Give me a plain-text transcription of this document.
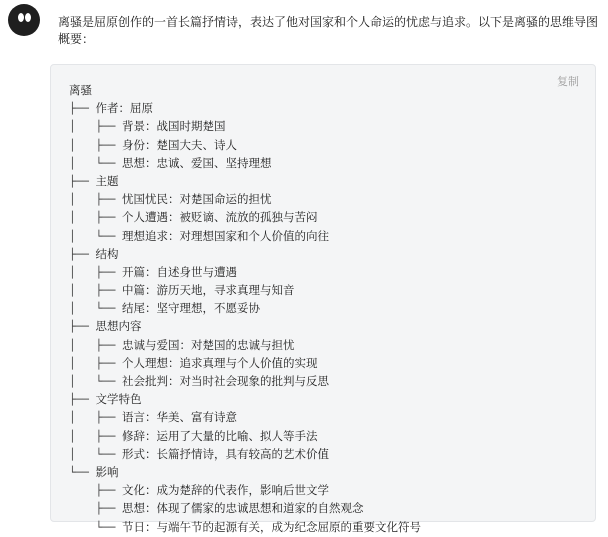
离骚是屈原创作的一首长篇抒情诗，表达了他对国家和个人命运的忧虑与追求。以下是离骚的思维导图概要：
复制
离骚
├── 作者：屈原
│   ├── 背景：战国时期楚国
│   ├── 身份：楚国大夫、诗人
│   └── 思想：忠诚、爱国、坚持理想
├── 主题
│   ├── 忧国忧民：对楚国命运的担忧
│   ├── 个人遭遇：被贬谪、流放的孤独与苦闷
│   └── 理想追求：对理想国家和个人价值的向往
├── 结构
│   ├── 开篇：自述身世与遭遇
│   ├── 中篇：游历天地，寻求真理与知音
│   └── 结尾：坚守理想，不愿妥协
├── 思想内容
│   ├── 忠诚与爱国：对楚国的忠诚与担忧
│   ├── 个人理想：追求真理与个人价值的实现
│   └── 社会批判：对当时社会现象的批判与反思
├── 文学特色
│   ├── 语言：华美、富有诗意
│   ├── 修辞：运用了大量的比喻、拟人等手法
│   └── 形式：长篇抒情诗，具有较高的艺术价值
└── 影响
├── 文化：成为楚辞的代表作，影响后世文学
├── 思想：体现了儒家的忠诚思想和道家的自然观念
└── 节日：与端午节的起源有关，成为纪念屈原的重要文化符号
